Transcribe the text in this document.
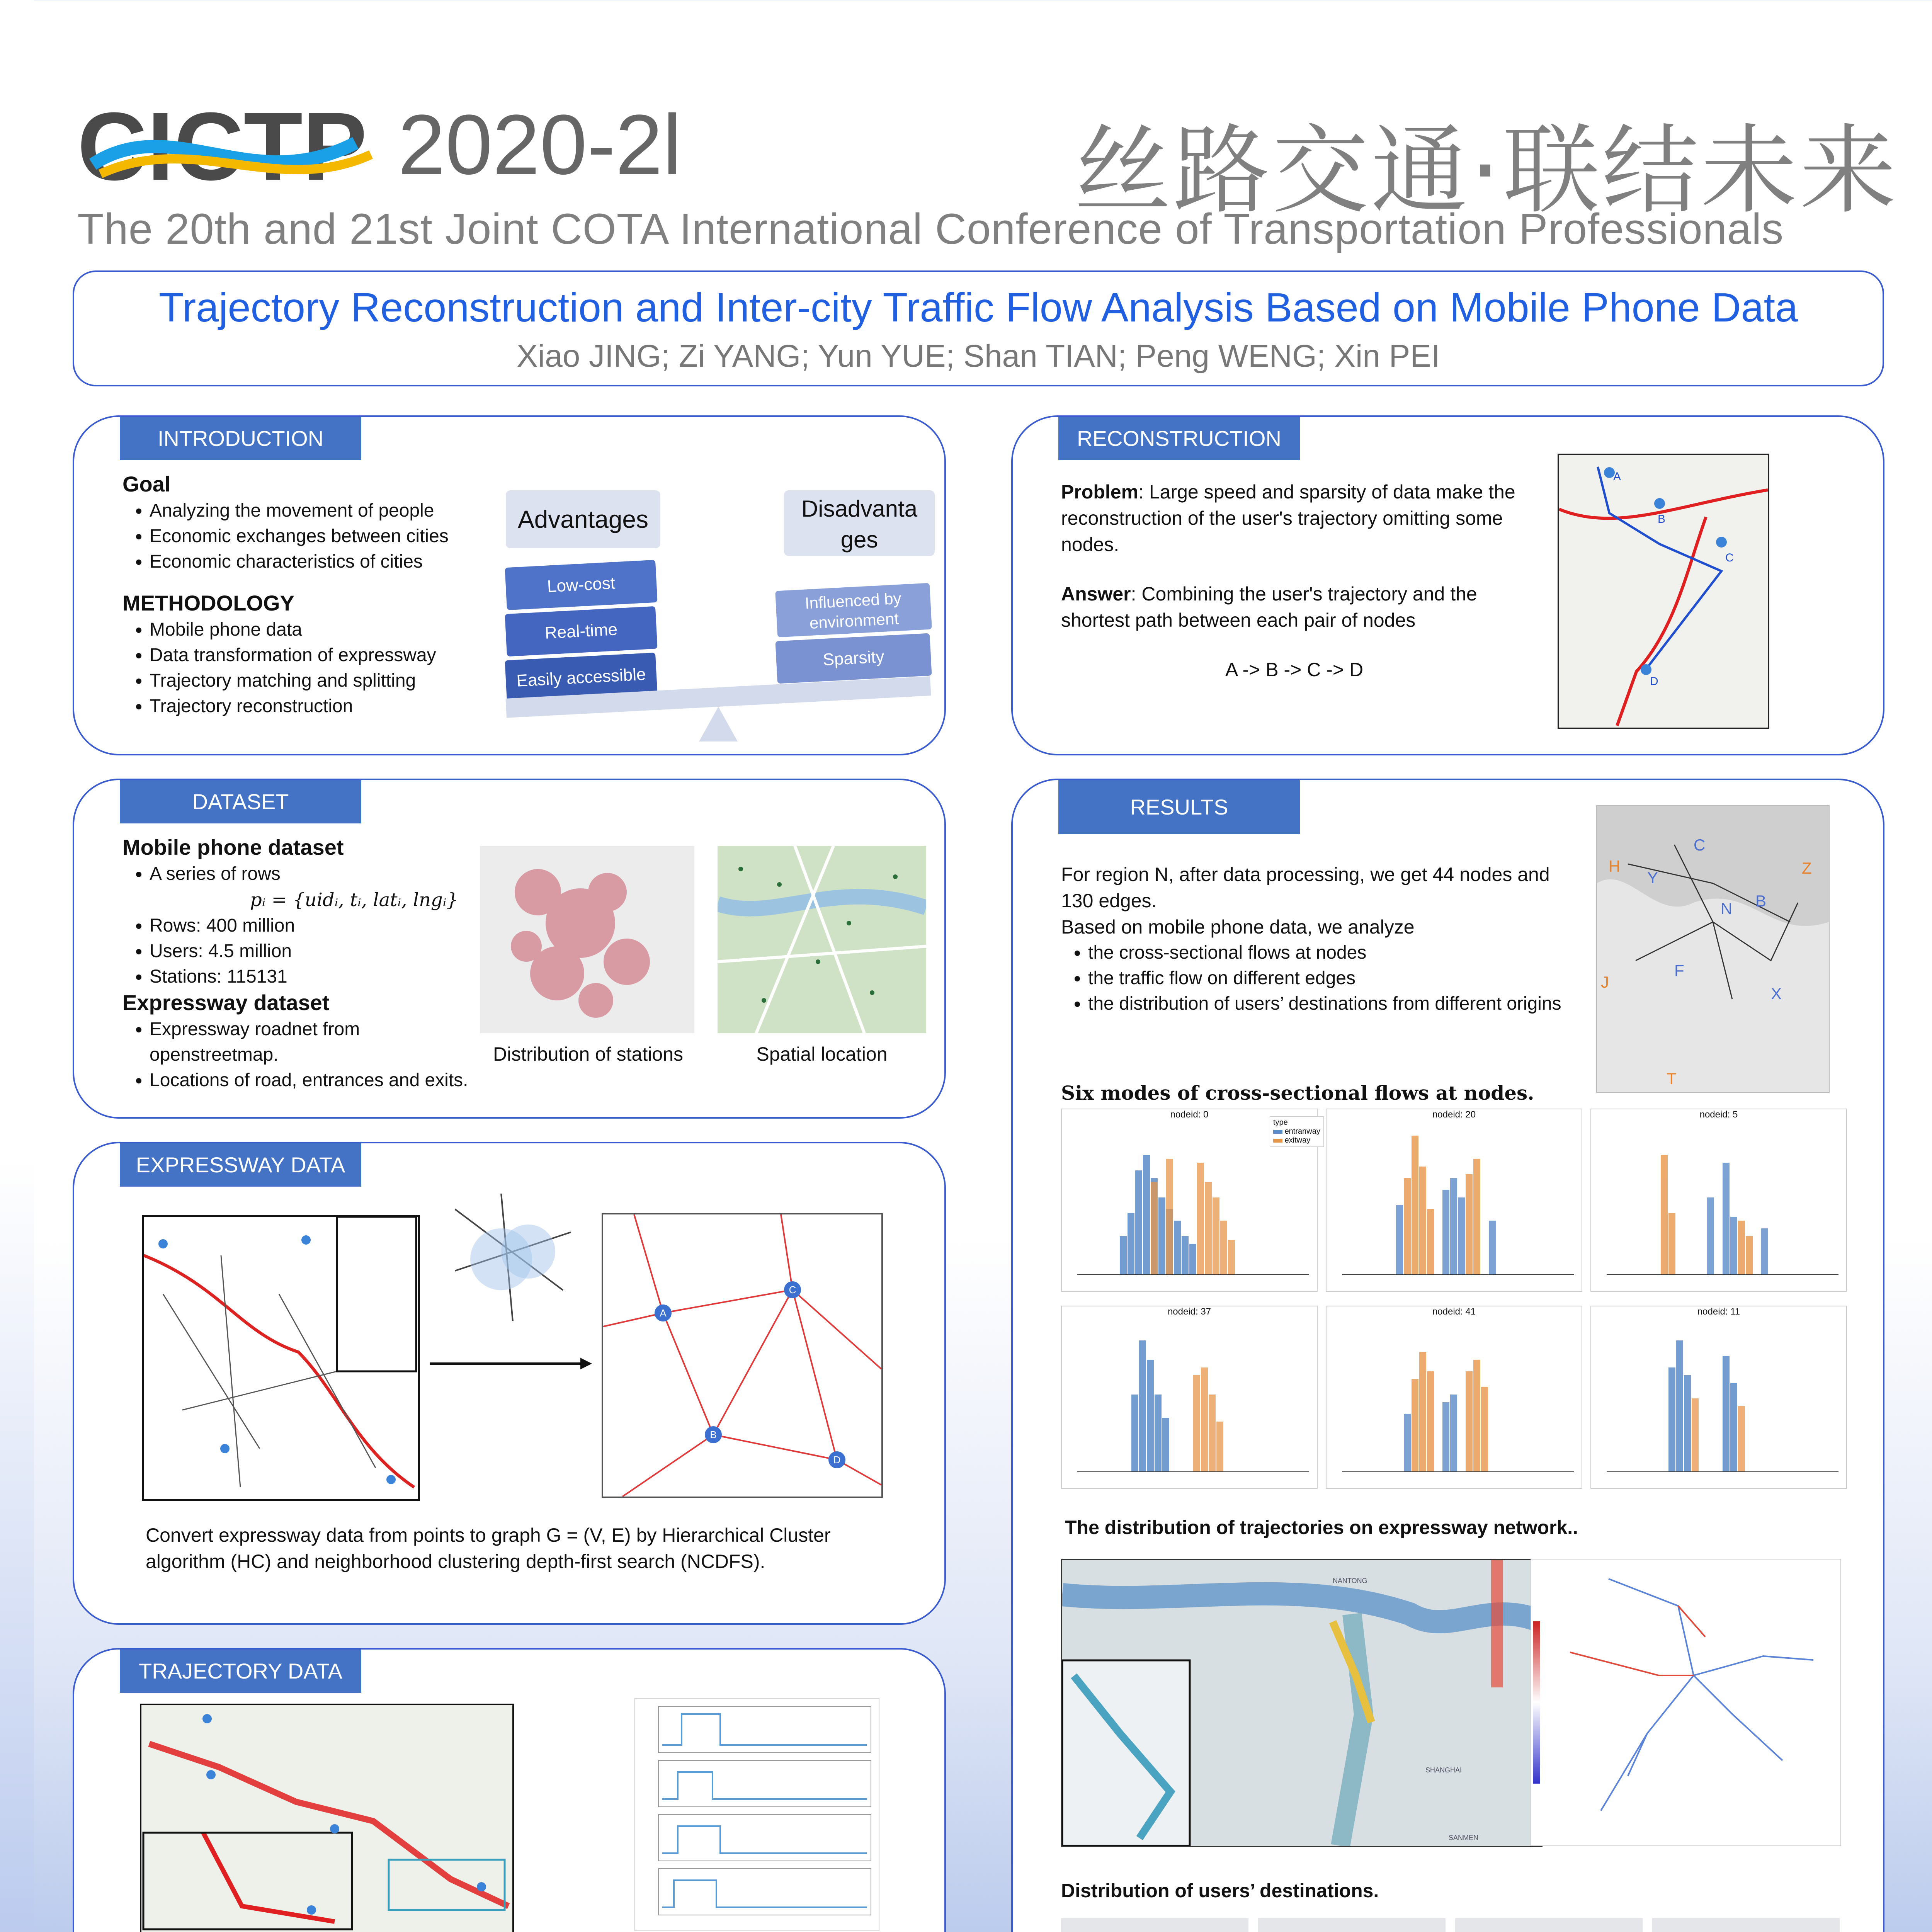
CICTP 2020-2l	丝路交通·联结未来
The 20th and 21st Joint COTA International Conference of Transportation Professionals
Trajectory Reconstruction and Inter-city Traffic Flow Analysis Based on Mobile Phone Data
Xiao JING; Zi YANG; Yun YUE; Shan TIAN; Peng WENG; Xin PEI
INTRODUCTION
Goal
• Analyzing the movement of people
• Economic exchanges between cities
• Economic characteristics of cities
METHODOLOGY
• Mobile phone data
• Data transformation of expressway
• Trajectory matching and splitting
• Trajectory reconstruction
Advantages	Disadvanta ges
Low-cost
Real-time
Easily accessible
Influenced by environment
Sparsity
RECONSTRUCTION
Problem: Large speed and sparsity of data make the reconstruction of the user's trajectory omitting some nodes.
Answer: Combining the user's trajectory and the shortest path between each pair of nodes
A -> B -> C -> D
A
B
C
D
DATASET
Mobile phone dataset
• A series of rows
pᵢ = {uidᵢ, tᵢ, latᵢ, lngᵢ}
• Rows: 400 million
• Users: 4.5 million
• Stations: 115131
Expressway dataset
• Expressway roadnet from openstreetmap.
• Locations of road, entrances and exits.
Distribution of stations	Spatial location
EXPRESSWAY DATA
A
B
C
D
Convert expressway data from points to graph G = (V, E) by Hierarchical Cluster algorithm (HC) and neighborhood clustering depth-first search (NCDFS).
TRAJECTORY DATA
RESULTS
For region N, after data processing, we get 44 nodes and 130 edges.
Based on mobile phone data, we analyze
• the cross-sectional flows at nodes
• the traffic flow on different edges
• the distribution of users’ destinations from different origins
C
H
Y
N B
Z
F
X
J
T
Six modes of cross-sectional flows at nodes.
nodeid: 0	nodeid: 20	nodeid: 5
nodeid: 37	nodeid: 41	nodeid: 11
type
entranway
exitway
The distribution of trajectories on expressway network..
NANTONG
SHANGHAI
SANMEN
Distribution of users’ destinations.
